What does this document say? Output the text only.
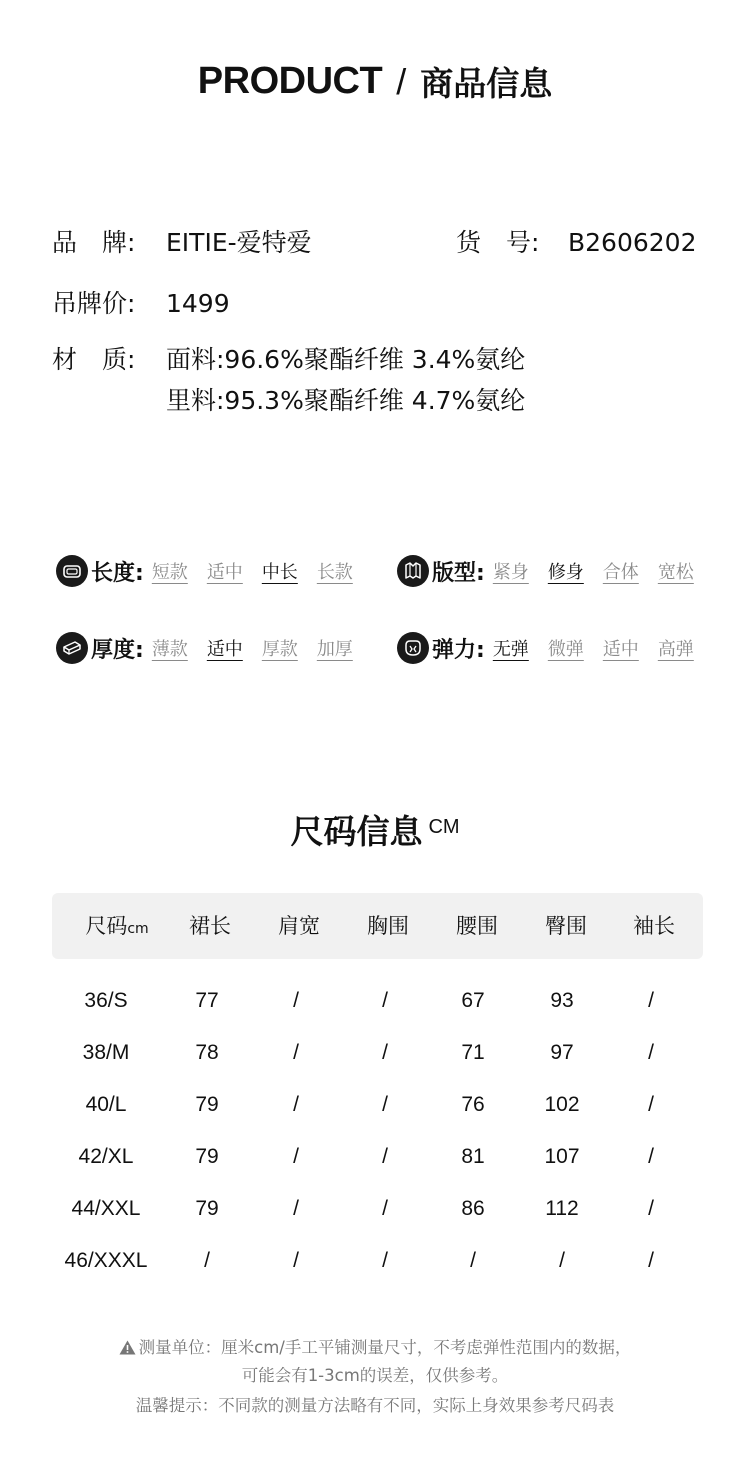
PRODUCT / 商品信息
品　牌: EITIE-爱特爱	货　号: B2606202
吊牌价: 1499
材　质: 面料:96.6%聚酯纤维 3.4%氨纶
里料:95.3%聚酯纤维 4.7%氨纶
长度: 短款 适中 中长 长款	版型: 紧身 修身 合体 宽松
厚度: 薄款 适中 厚款 加厚	弹力: 无弹 微弹 适中 高弹
尺码信息 CM
尺码cm	裙长	肩宽	胸围	腰围	臀围	袖长
36/S	77	/	/	67	93	/
38/M	78	/	/	71	97	/
40/L	79	/	/	76	102	/
42/XL	79	/	/	81	107	/
44/XXL	79	/	/	86	112	/
46/XXXL	/	/	/	/	/	/
测量单位：厘米cm/手工平铺测量尺寸，不考虑弹性范围内的数据，
可能会有1-3cm的误差，仅供参考。
温馨提示：不同款的测量方法略有不同，实际上身效果参考尺码表
